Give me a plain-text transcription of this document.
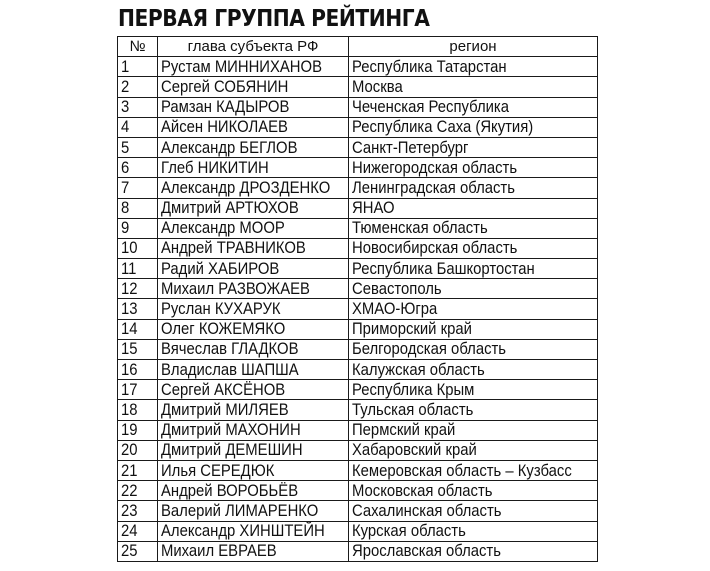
ПЕРВАЯ ГРУППА РЕЙТИНГА
№	глава субъекта РФ	регион
1	Рустам МИННИХАНОВ	Республика Татарстан
2	Сергей СОБЯНИН	Москва
3	Рамзан КАДЫРОВ	Чеченская Республика
4	Айсен НИКОЛАЕВ	Республика Саха (Якутия)
5	Александр БЕГЛОВ	Санкт-Петербург
6	Глеб НИКИТИН	Нижегородская область
7	Александр ДРОЗДЕНКО	Ленинградская область
8	Дмитрий АРТЮХОВ	ЯНАО
9	Александр МООР	Тюменская область
10	Андрей ТРАВНИКОВ	Новосибирская область
11	Радий ХАБИРОВ	Республика Башкортостан
12	Михаил РАЗВОЖАЕВ	Севастополь
13	Руслан КУХАРУК	ХМАО-Югра
14	Олег КОЖЕМЯКО	Приморский край
15	Вячеслав ГЛАДКОВ	Белгородская область
16	Владислав ШАПША	Калужская область
17	Сергей АКСЁНОВ	Республика Крым
18	Дмитрий МИЛЯЕВ	Тульская область
19	Дмитрий МАХОНИН	Пермский край
20	Дмитрий ДЕМЕШИН	Хабаровский край
21	Илья СЕРЕДЮК	Кемеровская область – Кузбасс
22	Андрей ВОРОБЬЁВ	Московская область
23	Валерий ЛИМАРЕНКО	Сахалинская область
24	Александр ХИНШТЕЙН	Курская область
25	Михаил ЕВРАЕВ	Ярославская область
